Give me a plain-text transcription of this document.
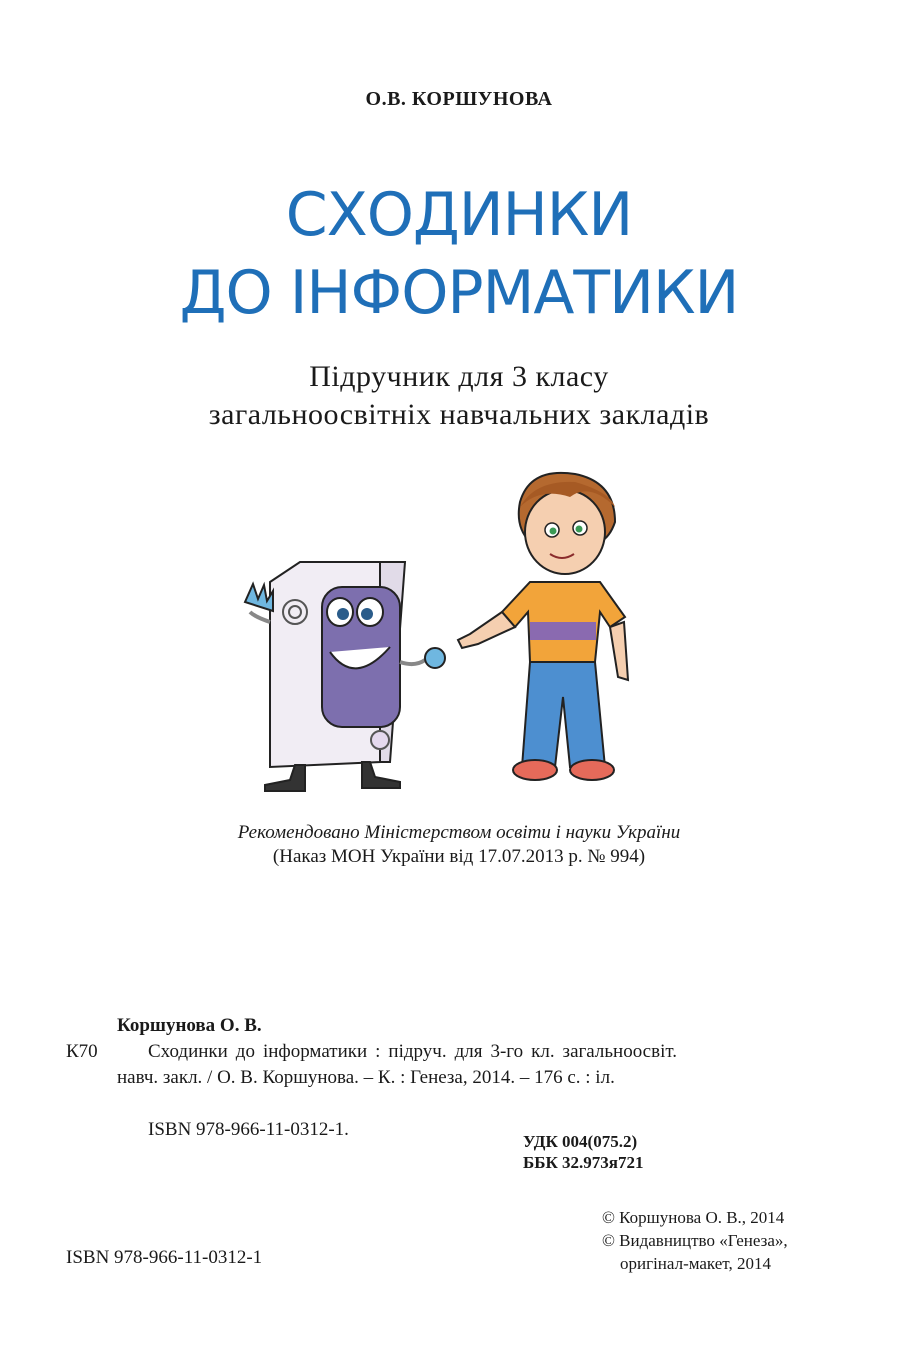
О.В. КОРШУНОВА
СХОДИНКИ
ДО ІНФОРМАТИКИ
Підручник для 3 класу
загальноосвітніх навчальних закладів
Рекомендовано Міністерством освіти і науки України
(Наказ МОН України від 17.07.2013 р. № 994)
Коршунова О. В.
К70	Сходинки до інформатики : підруч. для 3-го кл. загальноосвіт. навч. закл. / О. В. Коршунова. – К. : Генеза, 2014. – 176 с. : іл.
ISBN 978-966-11-0312-1.
УДК 004(075.2)
ББК 32.973я721
© Коршунова О. В., 2014
© Видавництво «Генеза»,
оригінал-макет, 2014
ISBN 978-966-11-0312-1
